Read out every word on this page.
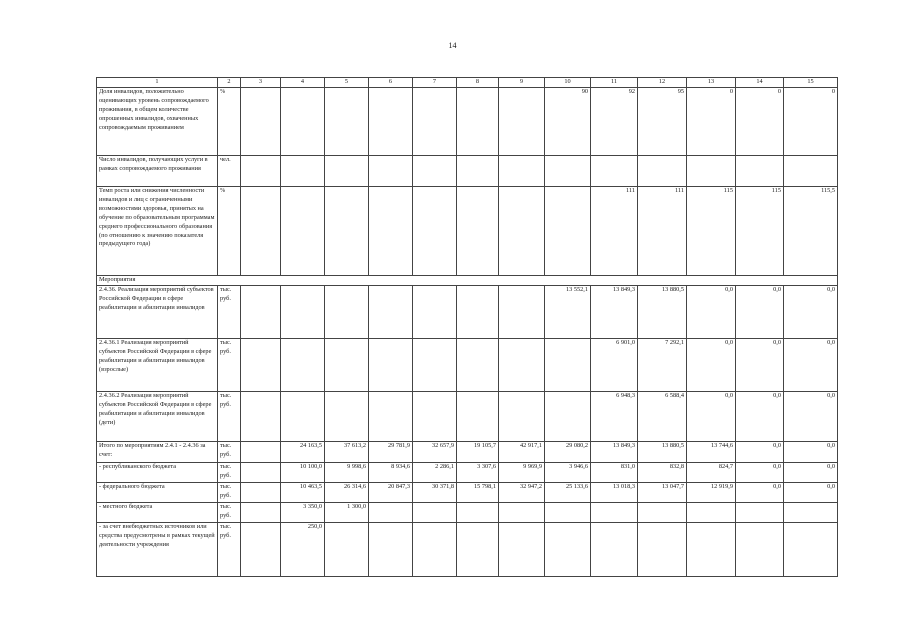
14
1	2	3	4	5	6	7	8	9	10	11	12	13	14	15
Доля инвалидов, положительно оценивающих уровень сопровождаемого проживания, в общем количестве опрошенных инвалидов, охваченных сопровождаемым проживанием	%								90	92	95	0	0	0
Число инвалидов, получающих услуги в рамках сопровождаемого проживания	чел.													
Темп роста или снижения численности инвалидов и лиц с ограниченными возможностями здоровья, принятых на обучение по образовательным программам среднего профессионального образования (по отношению к значению показателя предыдущего года)	%									111	111	115	115	115,5
Мероприятия														
2.4.36. Реализация мероприятий субъектов Российской Федерации в сфере реабилитации и абилитации инвалидов	тыс. руб.								13 552,1	13 849,3	13 880,5	0,0	0,0	0,0
2.4.36.1 Реализация мероприятий субъектов Российской Федерации в сфере реабилитации и абилитации инвалидов (взрослые)	тыс. руб.									6 901,0	7 292,1	0,0	0,0	0,0
2.4.36.2 Реализация мероприятий субъектов Российской Федерации в сфере реабилитации и абилитации инвалидов (дети)	тыс. руб.									6 948,3	6 588,4	0,0	0,0	0,0
Итого по мероприятиям 2.4.1 - 2.4.36 за счет:	тыс. руб.		24 163,5	37 613,2	29 781,9	32 657,9	19 105,7	42 917,1	29 080,2	13 849,3	13 880,5	13 744,6	0,0	0,0
- республиканского бюджета	тыс. руб.		10 100,0	9 998,6	8 934,6	2 286,1	3 307,6	9 969,9	3 946,6	831,0	832,8	824,7	0,0	0,0
- федерального бюджета	тыс. руб.		10 463,5	26 314,6	20 847,3	30 371,8	15 798,1	32 947,2	25 133,6	13 018,3	13 047,7	12 919,9	0,0	0,0
- местного бюджета	тыс. руб.		3 350,0	1 300,0										
- за счет внебюджетных источников или средства предусмотрены в рамках текущей деятельности учреждения	тыс. руб.		250,0											
